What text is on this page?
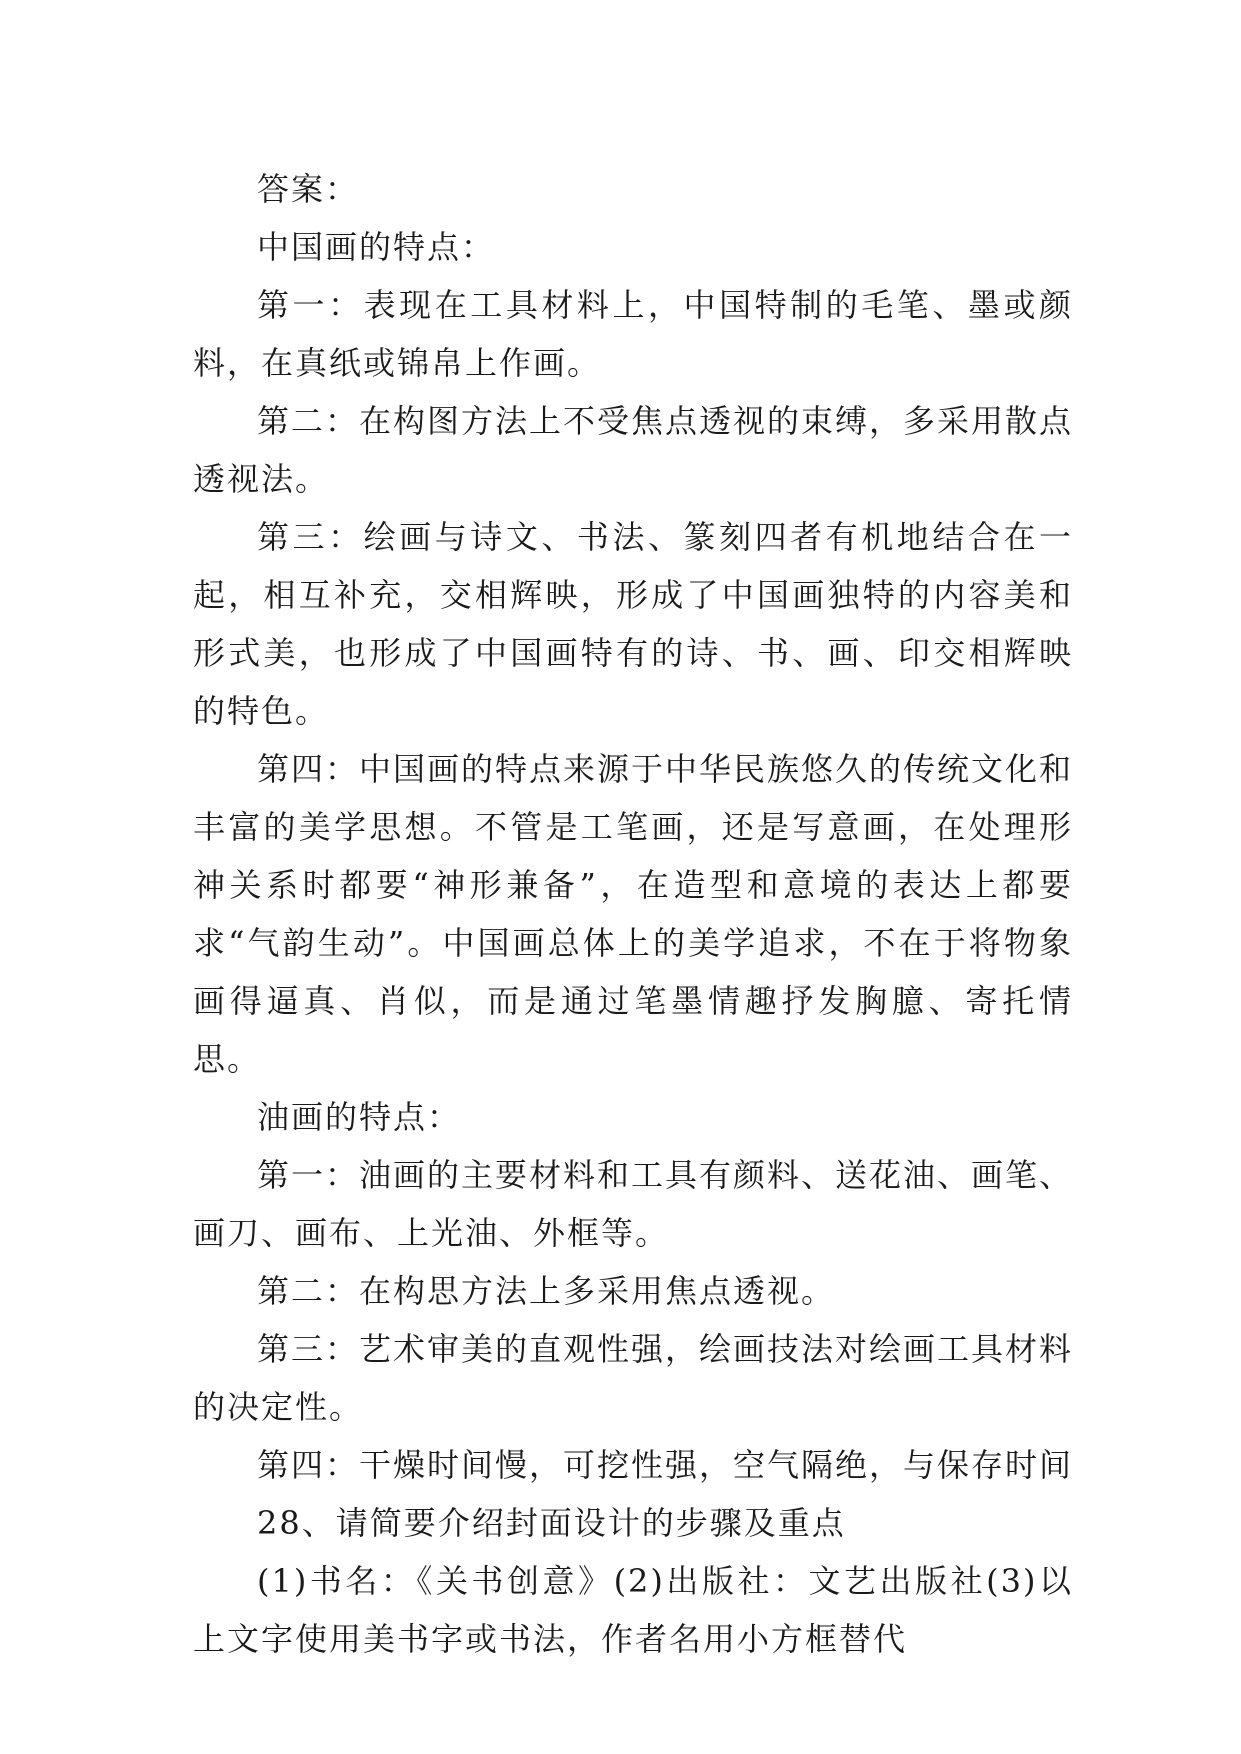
答案：

中国画的特点：

第一：表现在工具材料上，中国特制的毛笔、墨或颜料，在真纸或锦帛上作画。

第二：在构图方法上不受焦点透视的束缚，多采用散点透视法。

第三：绘画与诗文、书法、篆刻四者有机地结合在一起，相互补充，交相辉映，形成了中国画独特的内容美和形式美，也形成了中国画特有的诗、书、画、印交相辉映的特色。

第四：中国画的特点来源于中华民族悠久的传统文化和丰富的美学思想。不管是工笔画，还是写意画，在处理形神关系时都要“神形兼备”，在造型和意境的表达上都要求“气韵生动”。中国画总体上的美学追求，不在于将物象画得逼真、肖似，而是通过笔墨情趣抒发胸臆、寄托情思。

油画的特点：

第一：油画的主要材料和工具有颜料、送花油、画笔、画刀、画布、上光油、外框等。

第二：在构思方法上多采用焦点透视。

第三：艺术审美的直观性强，绘画技法对绘画工具材料的决定性。

第四：干燥时间慢，可挖性强，空气隔绝，与保存时间

28、请简要介绍封面设计的步骤及重点

(1)书名：《关书创意》(2)出版社：文艺出版社(3)以上文字使用美书字或书法，作者名用小方框替代
